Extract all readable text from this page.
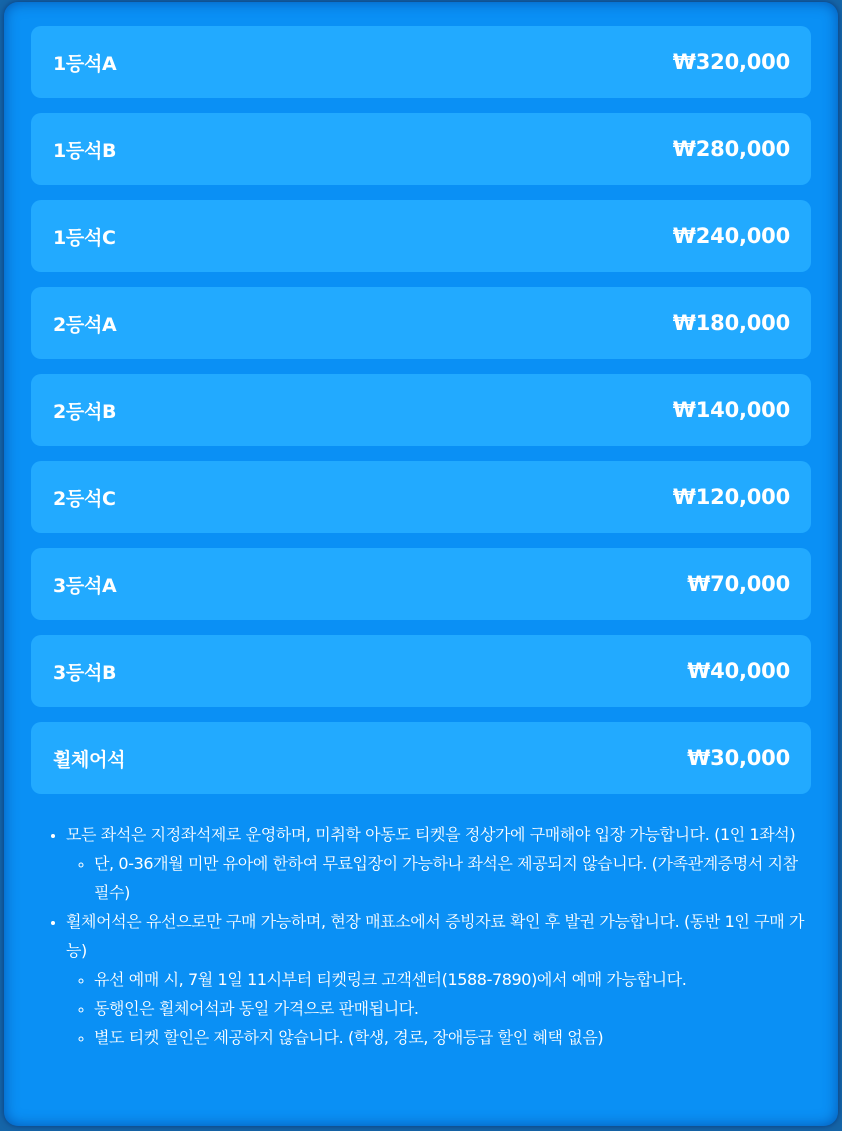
1등석A	₩320,000
1등석B	₩280,000
1등석C	₩240,000
2등석A	₩180,000
2등석B	₩140,000
2등석C	₩120,000
3등석A	₩70,000
3등석B	₩40,000
휠체어석	₩30,000
• 모든 좌석은 지정좌석제로 운영하며, 미취학 아동도 티켓을 정상가에 구매해야 입장 가능합니다. (1인 1좌석)
◦ 단, 0-36개월 미만 유아에 한하여 무료입장이 가능하나 좌석은 제공되지 않습니다. (가족관계증명서 지참 필수)
• 휠체어석은 유선으로만 구매 가능하며, 현장 매표소에서 증빙자료 확인 후 발권 가능합니다. (동반 1인 구매 가능)
◦ 유선 예매 시, 7월 1일 11시부터 티켓링크 고객센터(1588-7890)에서 예매 가능합니다.
◦ 동행인은 휠체어석과 동일 가격으로 판매됩니다.
◦ 별도 티켓 할인은 제공하지 않습니다. (학생, 경로, 장애등급 할인 혜택 없음)
